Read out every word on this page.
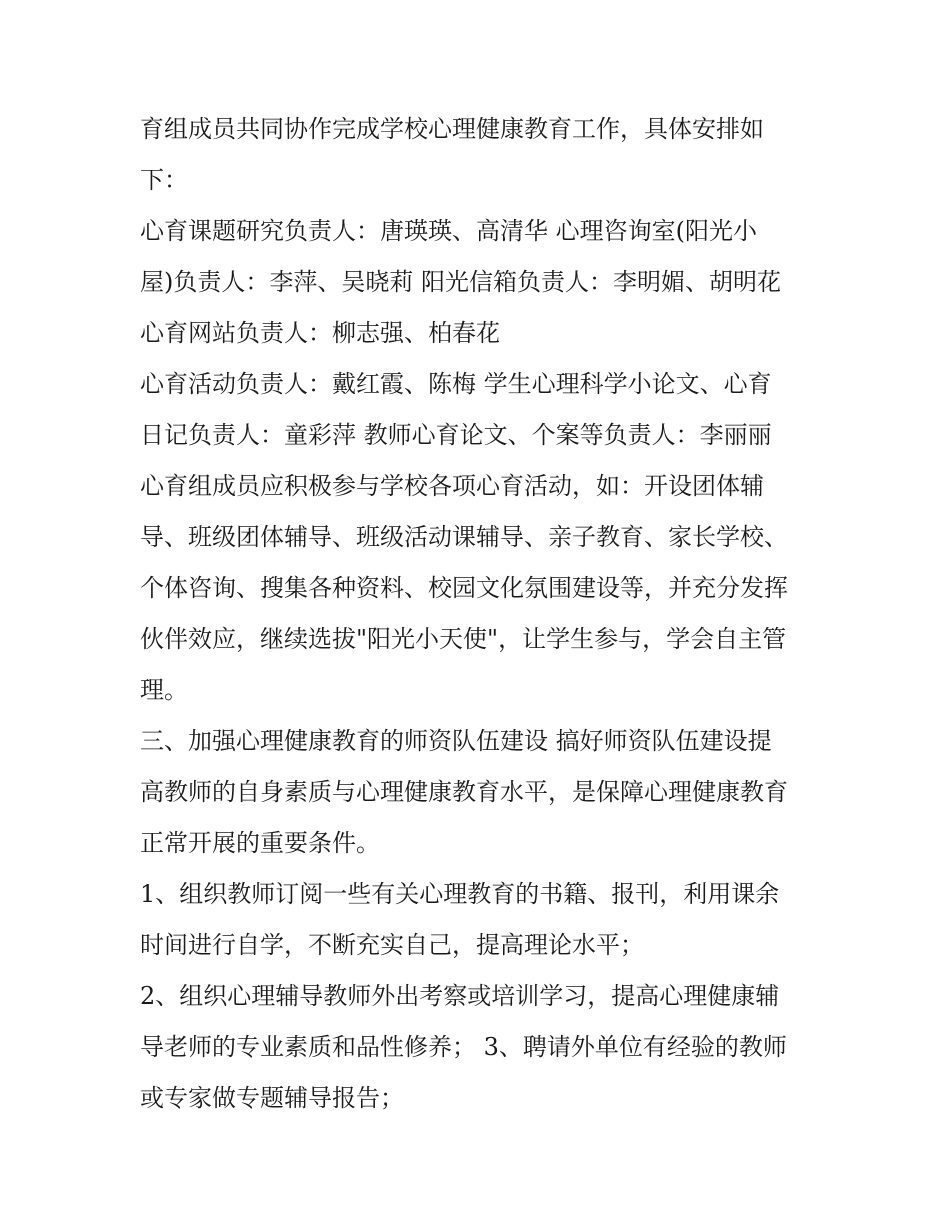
育组成员共同协作完成学校心理健康教育工作，具体安排如
下：
心育课题研究负责人：唐瑛瑛、高清华 心理咨询室(阳光小
屋)负责人：李萍、吴晓莉 阳光信箱负责人：李明媚、胡明花
心育网站负责人：柳志强、柏春花
心育活动负责人：戴红霞、陈梅 学生心理科学小论文、心育
日记负责人：童彩萍 教师心育论文、个案等负责人：李丽丽
心育组成员应积极参与学校各项心育活动，如：开设团体辅
导、班级团体辅导、班级活动课辅导、亲子教育、家长学校、
个体咨询、搜集各种资料、校园文化氛围建设等，并充分发挥
伙伴效应，继续选拔"阳光小天使"，让学生参与，学会自主管
理。
三、加强心理健康教育的师资队伍建设 搞好师资队伍建设提
高教师的自身素质与心理健康教育水平，是保障心理健康教育
正常开展的重要条件。
1、组织教师订阅一些有关心理教育的书籍、报刊，利用课余
时间进行自学，不断充实自己，提高理论水平；
2、组织心理辅导教师外出考察或培训学习，提高心理健康辅
导老师的专业素质和品性修养； 3、聘请外单位有经验的教师
或专家做专题辅导报告；
